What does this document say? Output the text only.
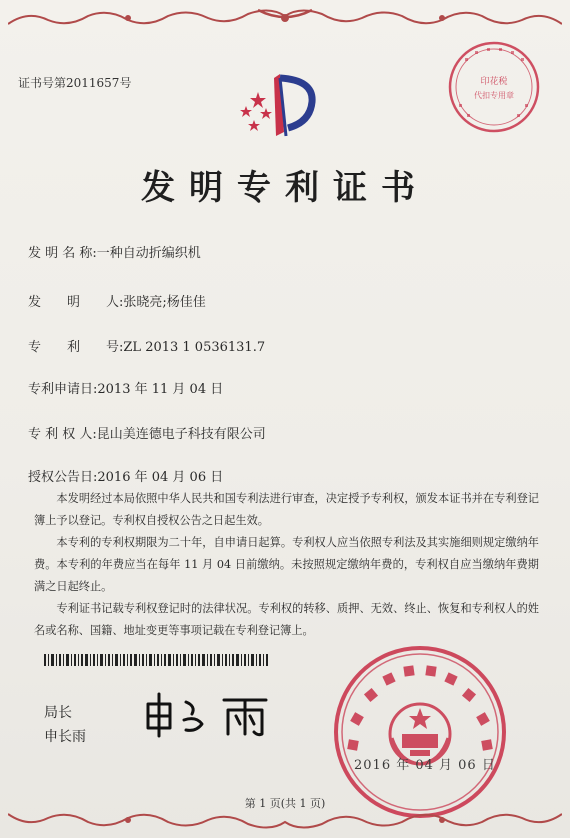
证书号第2011657号	印花税
代扣专用章
发明专利证书
发 明 名 称:一种自动折编织机
发　　明　　人:张晓亮;杨佳佳
专　　利　　号:ZL 2013 1 0536131.7
专利申请日:2013 年 11 月 04 日
专 利 权 人:昆山美连德电子科技有限公司
授权公告日:2016 年 04 月 06 日

本发明经过本局依照中华人民共和国专利法进行审查，决定授予专利权，颁发本证书并在专利登记簿上予以登记。专利权自授权公告之日起生效。

本专利的专利权期限为二十年，自申请日起算。专利权人应当依照专利法及其实施细则规定缴纳年费。本专利的年费应当在每年 11 月 04 日前缴纳。未按照规定缴纳年费的，专利权自应当缴纳年费期满之日起终止。

专利证书记载专利权登记时的法律状况。专利权的转移、质押、无效、终止、恢复和专利权人的姓名或名称、国籍、地址变更等事项记载在专利登记簿上。

局长
申长雨
2016 年 04 月 06 日
第 1 页(共 1 页)
